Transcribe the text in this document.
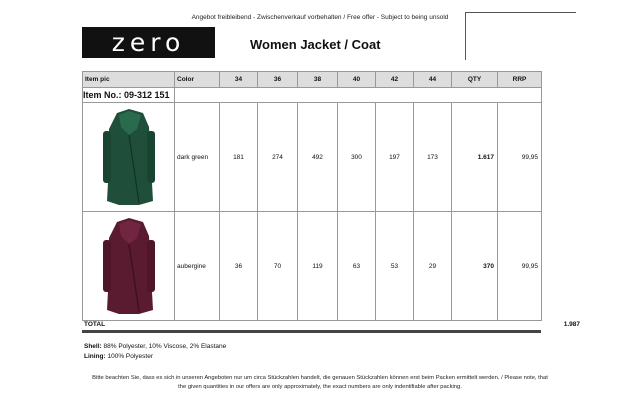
Angebot freibleibend - Zwischenverkauf vorbehalten / Free offer - Subject to being unsold
zero	Women Jacket / Coat
Item pic	Color	34	36	38	40	42	44	QTY	RRP
Item No.: 09-312 151									

	dark green	181	274	492	300	197	173	1.617	99,95

	aubergine	36	70	119	63	53	29	370	99,95
TOTAL	1.987
Shell: 88% Polyester, 10% Viscose, 2% Elastane
Lining: 100% Polyester
Bitte beachten Sie, dass es sich in unseren Angeboten nur um circa Stückzahlen handelt, die genauen Stückzahlen können erst beim Packen ermittelt werden. / Please note, that
the given quantities in our offers are only approximately, the exact numbers are only indentifiable after packing.
